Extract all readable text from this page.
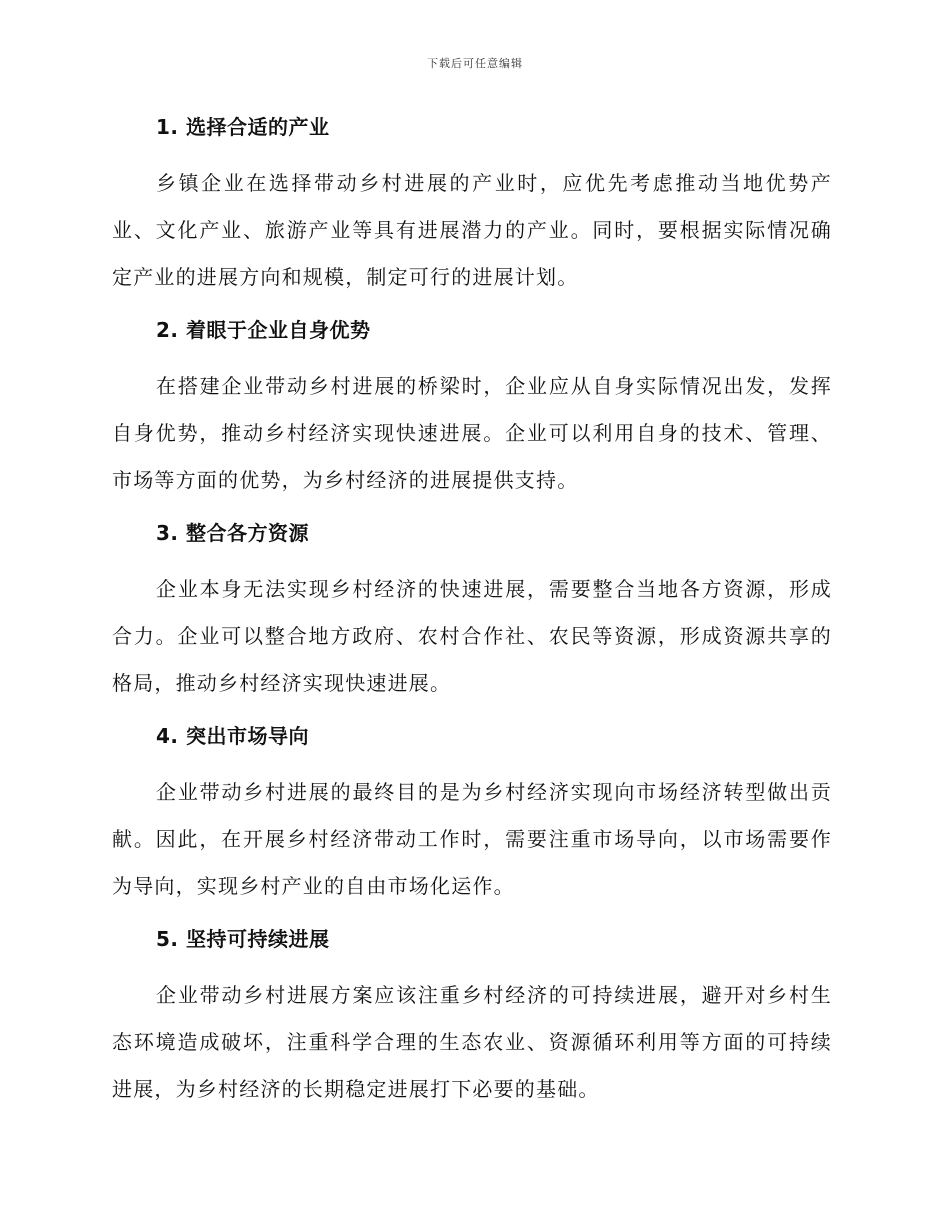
下载后可任意编辑
1. 选择合适的产业

乡镇企业在选择带动乡村进展的产业时，应优先考虑推动当地优势产业、文化产业、旅游产业等具有进展潜力的产业。同时，要根据实际情况确定产业的进展方向和规模，制定可行的进展计划。

2. 着眼于企业自身优势

在搭建企业带动乡村进展的桥梁时，企业应从自身实际情况出发，发挥自身优势，推动乡村经济实现快速进展。企业可以利用自身的技术、管理、市场等方面的优势，为乡村经济的进展提供支持。

3. 整合各方资源

企业本身无法实现乡村经济的快速进展，需要整合当地各方资源，形成合力。企业可以整合地方政府、农村合作社、农民等资源，形成资源共享的格局，推动乡村经济实现快速进展。

4. 突出市场导向

企业带动乡村进展的最终目的是为乡村经济实现向市场经济转型做出贡献。因此，在开展乡村经济带动工作时，需要注重市场导向，以市场需要作为导向，实现乡村产业的自由市场化运作。

5. 坚持可持续进展

企业带动乡村进展方案应该注重乡村经济的可持续进展，避开对乡村生态环境造成破坏，注重科学合理的生态农业、资源循环利用等方面的可持续进展，为乡村经济的长期稳定进展打下必要的基础。
